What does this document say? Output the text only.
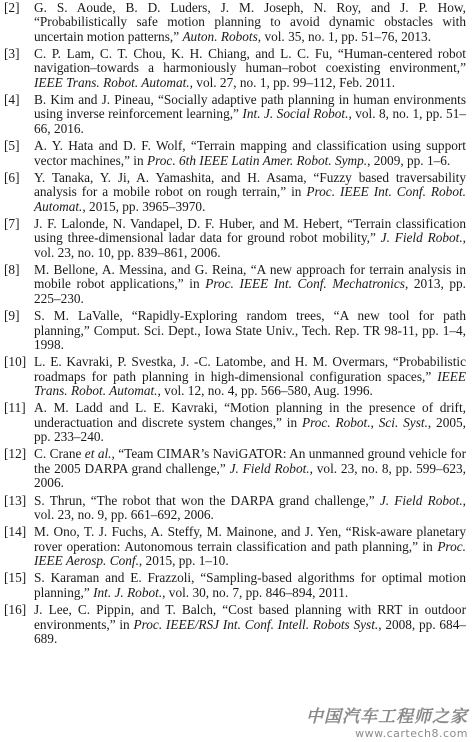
[2]	G. S. Aoude, B. D. Luders, J. M. Joseph, N. Roy, and J. P. How, “Probabilistically safe motion planning to avoid dynamic obstacles with uncertain motion patterns,” Auton. Robots, vol. 35, no. 1, pp. 51–76, 2013.
[3]	C. P. Lam, C. T. Chou, K. H. Chiang, and L. C. Fu, “Human-centered robot navigation–towards a harmoniously human–robot coexisting environment,” IEEE Trans. Robot. Automat., vol. 27, no. 1, pp. 99–112, Feb. 2011.
[4]	B. Kim and J. Pineau, “Socially adaptive path planning in human environments using inverse reinforcement learning,” Int. J. Social Robot., vol. 8, no. 1, pp. 51–66, 2016.
[5]	A. Y. Hata and D. F. Wolf, “Terrain mapping and classification using support vector machines,” in Proc. 6th IEEE Latin Amer. Robot. Symp., 2009, pp. 1–6.
[6]	Y. Tanaka, Y. Ji, A. Yamashita, and H. Asama, “Fuzzy based traversability analysis for a mobile robot on rough terrain,” in Proc. IEEE Int. Conf. Robot. Automat., 2015, pp. 3965–3970.
[7]	J. F. Lalonde, N. Vandapel, D. F. Huber, and M. Hebert, “Terrain classification using three-dimensional ladar data for ground robot mobility,” J. Field Robot., vol. 23, no. 10, pp. 839–861, 2006.
[8]	M. Bellone, A. Messina, and G. Reina, “A new approach for terrain analysis in mobile robot applications,” in Proc. IEEE Int. Conf. Mechatronics, 2013, pp. 225–230.
[9]	S. M. LaValle, “Rapidly-Exploring random trees, “A new tool for path planning,” Comput. Sci. Dept., Iowa State Univ., Tech. Rep. TR 98-11, pp. 1–4, 1998.
[10] L. E. Kavraki, P. Svestka, J. -C. Latombe, and H. M. Overmars, “Probabilistic roadmaps for path planning in high-dimensional configuration spaces,” IEEE Trans. Robot. Automat., vol. 12, no. 4, pp. 566–580, Aug. 1996.
[11] A. M. Ladd and L. E. Kavraki, “Motion planning in the presence of drift, underactuation and discrete system changes,” in Proc. Robot., Sci. Syst., 2005, pp. 233–240.
[12] C. Crane et al., “Team CIMAR’s NaviGATOR: An unmanned ground vehicle for the 2005 DARPA grand challenge,” J. Field Robot., vol. 23, no. 8, pp. 599–623, 2006.
[13] S. Thrun, “The robot that won the DARPA grand challenge,” J. Field Robot., vol. 23, no. 9, pp. 661–692, 2006.
[14] M. Ono, T. J. Fuchs, A. Steffy, M. Mainone, and J. Yen, “Risk-aware planetary rover operation: Autonomous terrain classification and path planning,” in Proc. IEEE Aerosp. Conf., 2015, pp. 1–10.
[15] S. Karaman and E. Frazzoli, “Sampling-based algorithms for optimal motion planning,” Int. J. Robot., vol. 30, no. 7, pp. 846–894, 2011.
[16] J. Lee, C. Pippin, and T. Balch, “Cost based planning with RRT in outdoor environments,” in Proc. IEEE/RSJ Int. Conf. Intell. Robots Syst., 2008, pp. 684–689.
中国汽车工程师之家
www.cartech8.com
